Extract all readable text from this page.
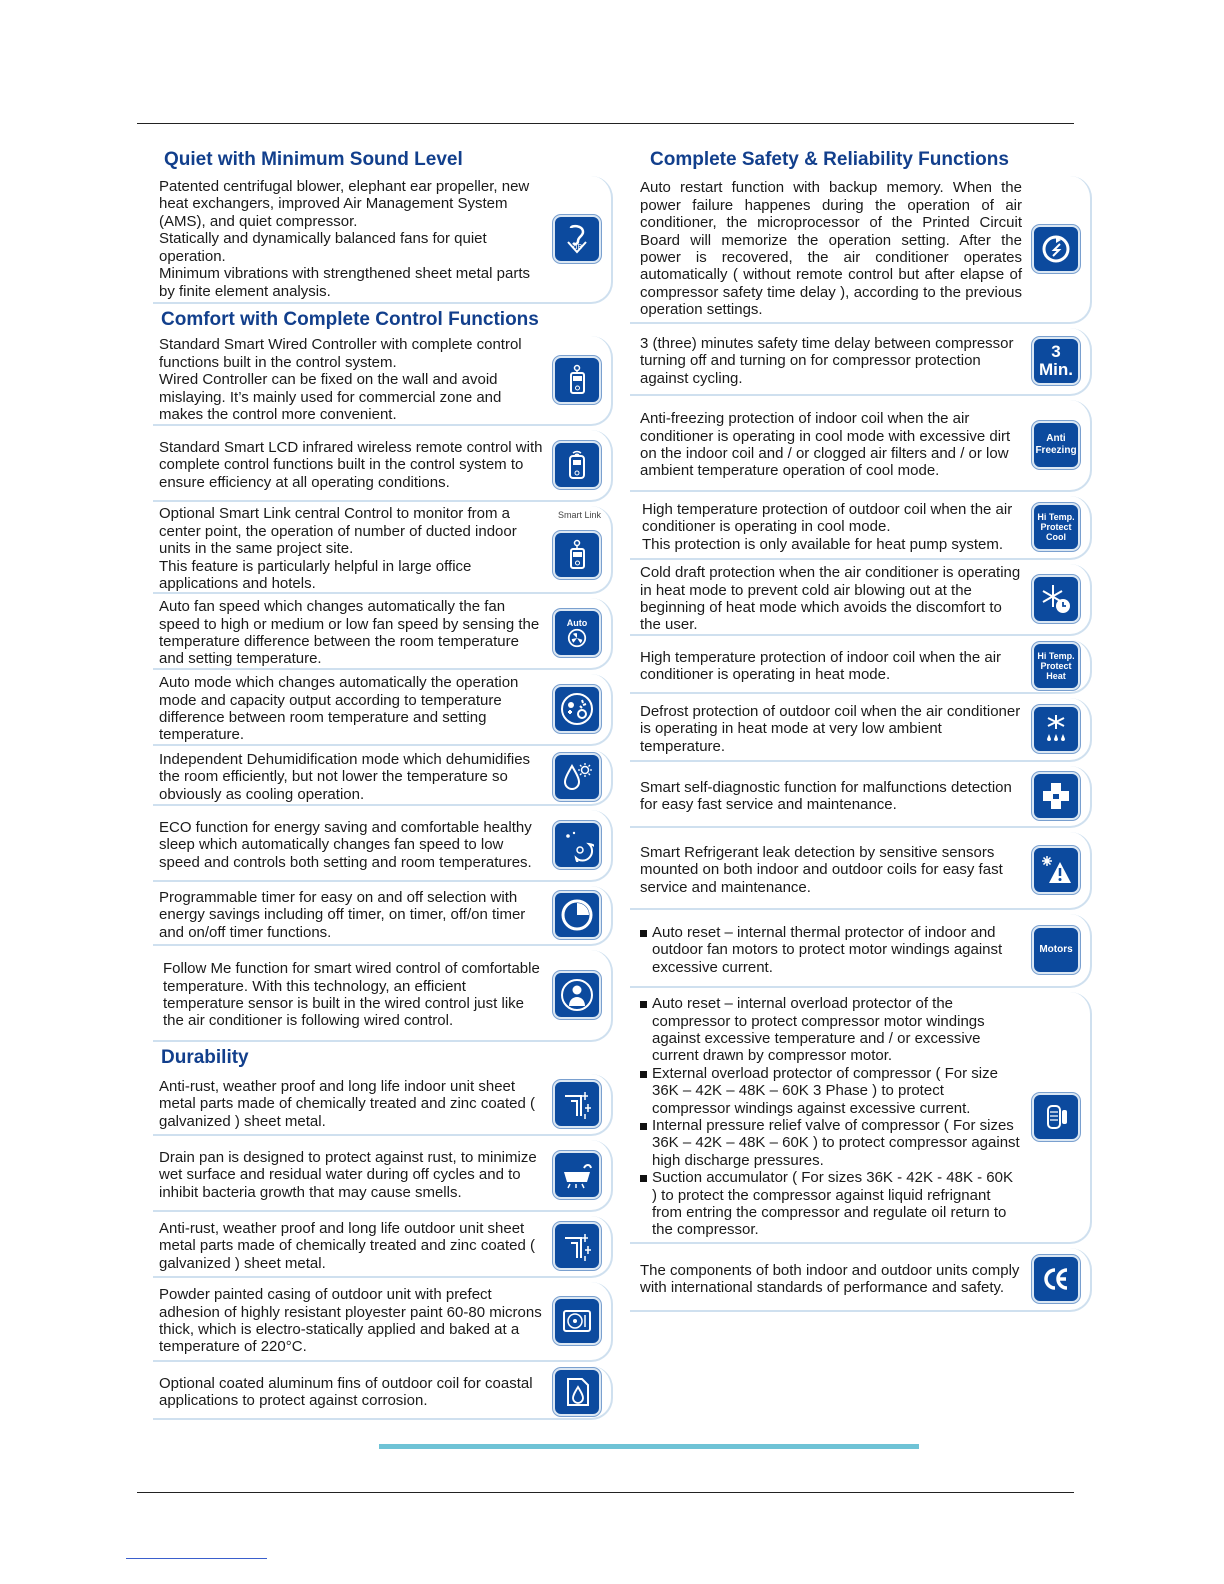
Quiet with Minimum Sound Level

Patented centrifugal blower, elephant ear propeller, new heat exchangers, improved Air Management System (AMS), and quiet compressor.

Statically and dynamically balanced fans for quiet operation.

Minimum vibrations with strengthened sheet metal parts by finite element analysis.

dB
Comfort with Complete Control Functions

Standard Smart Wired Controller with complete control functions built in the control system.

Wired Controller can be fixed on the wall and avoid mislaying. It’s mainly used for commercial zone and makes the control more convenient.

Standard Smart LCD infrared wireless remote control with complete control functions built in the control system to ensure efficiency at all operating conditions.

Smart Link

Optional Smart Link central Control to monitor from a center point, the operation of number of ducted indoor units in the same project site.

This feature is particularly helpful in large office applications and hotels.

Auto fan speed which changes automatically the fan speed to high or medium or low fan speed by sensing the temperature difference between the room temperature and setting temperature.

Auto

Auto mode which changes automatically the operation mode and capacity output according to temperature difference between room temperature and setting temperature.

Independent Dehumidification mode which dehumidifies the room efficiently, but not lower the temperature so obviously as cooling operation.

ECO function for energy saving and comfortable healthy sleep which automatically changes fan speed to low speed and controls both setting and room temperatures.

Programmable timer for easy on and off selection with energy savings including off timer, on timer, off/on timer and on/off timer functions.

Follow Me function for smart wired control of comfortable temperature. With this technology, an efficient temperature sensor is built in the wired control just like the air conditioner is following wired control.

Durability

Anti-rust, weather proof and long life indoor unit sheet metal parts made of chemically treated and zinc coated ( galvanized ) sheet metal.

Drain pan is designed to protect against rust, to minimize wet surface and residual water during off cycles and to inhibit bacteria growth that may cause smells.

Anti-rust, weather proof and long life outdoor unit sheet metal parts made of chemically treated and zinc coated ( galvanized ) sheet metal.

Powder painted casing of outdoor unit with prefect adhesion of highly resistant ployester paint 60-80 microns thick, which is electro-statically applied and baked at a temperature of 220°C.

Optional coated aluminum fins of outdoor coil for coastal applications to protect against corrosion.

Complete Safety & Reliability Functions

Auto restart function with backup memory. When the power failure happenes during the operation of air conditioner, the microprocessor of the Printed Circuit Board will memorize the operation setting. After the power is recovered, the air conditioner operates automatically ( without remote control but after elapse of compressor safety time delay ), according to the previous operation settings.

3 (three) minutes safety time delay between compressor turning off and turning on for compressor protection against cycling.

3
Min.

Anti-freezing protection of indoor coil when the air conditioner is operating in cool mode with excessive dirt on the indoor coil and / or clogged air filters and / or low ambient temperature operation of cool mode.

Anti
Freezing

High temperature protection of outdoor coil when the air conditioner is operating in cool mode.

This protection is only available for heat pump system.

Hi Temp.
Protect
Cool

Cold draft protection when the air conditioner is operating in heat mode to prevent cold air blowing out at the beginning of heat mode which avoids the discomfort to the user.

High temperature protection of indoor coil when the air conditioner is operating in heat mode.

Hi Temp.
Protect
Heat

Defrost protection of outdoor coil when the air conditioner is operating in heat mode at very low ambient temperature.

Smart self-diagnostic function for malfunctions detection for easy fast service and maintenance.

Smart Refrigerant leak detection by sensitive sensors mounted on both indoor and outdoor coils for easy fast service and maintenance.

Auto reset – internal thermal protector of indoor and outdoor fan motors to protect motor windings against excessive current.

Motors

Auto reset – internal overload protector of the compressor to protect compressor motor windings against excessive temperature and / or excessive current drawn by compressor motor.

External overload protector of compressor ( For size 36K – 42K – 48K – 60K 3 Phase ) to protect compressor windings against excessive current.

Internal pressure relief valve of compressor ( For sizes 36K – 42K – 48K – 60K ) to protect compressor against high discharge pressures.

Suction accumulator ( For sizes 36K - 42K - 48K - 60K ) to protect the compressor against liquid refrignant from entring the compressor and regulate oil return to the compressor.

The components of both indoor and outdoor units comply with international standards of performance and safety.
